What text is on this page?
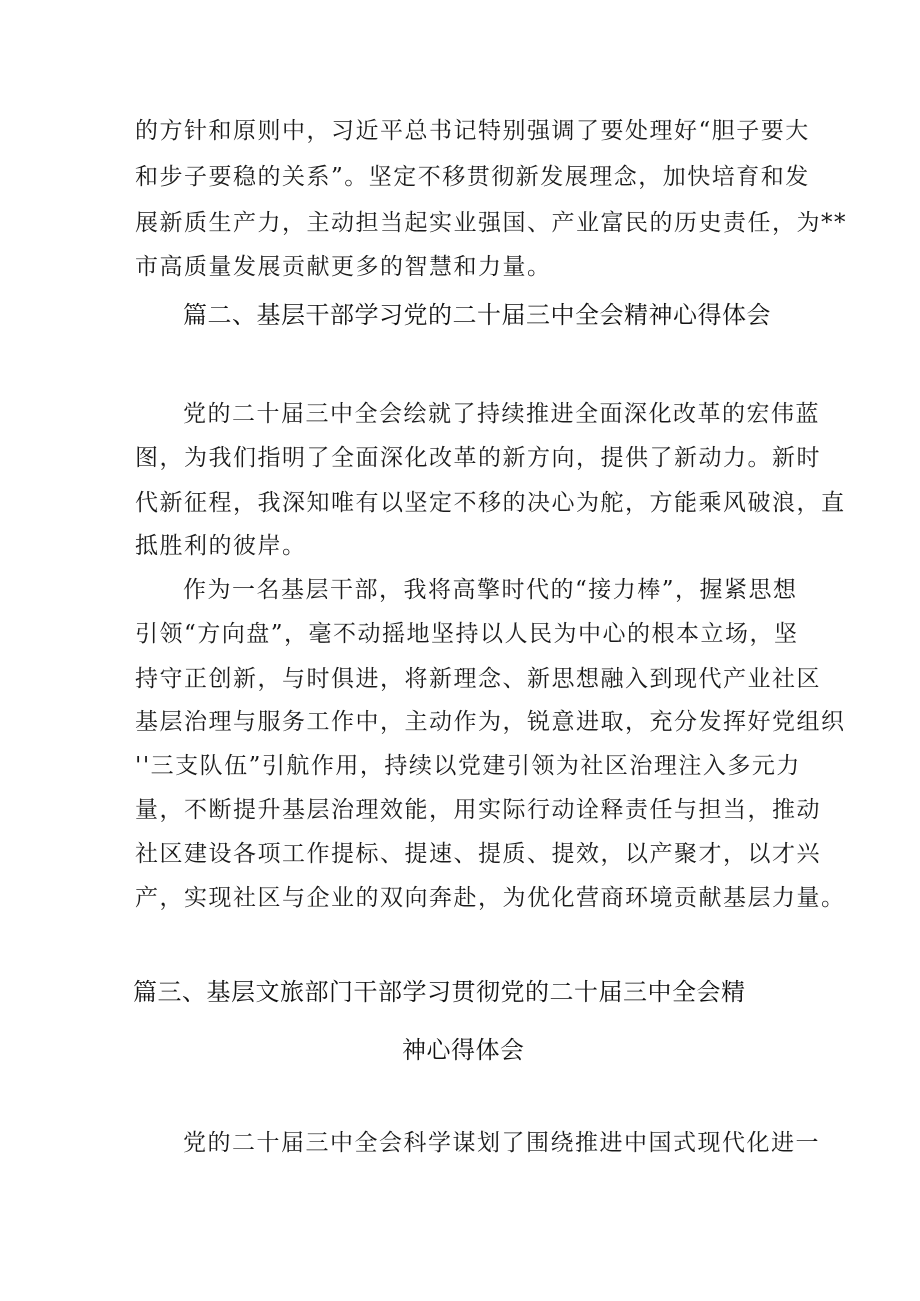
的方针和原则中，习近平总书记特别强调了要处理好“胆子要大
和步子要稳的关系”。坚定不移贯彻新发展理念，加快培育和发
展新质生产力，主动担当起实业强国、产业富民的历史责任，为**
市高质量发展贡献更多的智慧和力量。
篇二、基层干部学习党的二十届三中全会精神心得体会
党的二十届三中全会绘就了持续推进全面深化改革的宏伟蓝
图，为我们指明了全面深化改革的新方向，提供了新动力。新时
代新征程，我深知唯有以坚定不移的决心为舵，方能乘风破浪，直
抵胜利的彼岸。
作为一名基层干部，我将高擎时代的“接力棒”，握紧思想
引领“方向盘”，毫不动摇地坚持以人民为中心的根本立场，坚
持守正创新，与时俱进，将新理念、新思想融入到现代产业社区
基层治理与服务工作中，主动作为，锐意进取，充分发挥好党组织
''三支队伍”引航作用，持续以党建引领为社区治理注入多元力
量，不断提升基层治理效能，用实际行动诠释责任与担当，推动
社区建设各项工作提标、提速、提质、提效，以产聚才，以才兴
产，实现社区与企业的双向奔赴，为优化营商环境贡献基层力量。
篇三、基层文旅部门干部学习贯彻党的二十届三中全会精
神心得体会
党的二十届三中全会科学谋划了围绕推进中国式现代化进一
